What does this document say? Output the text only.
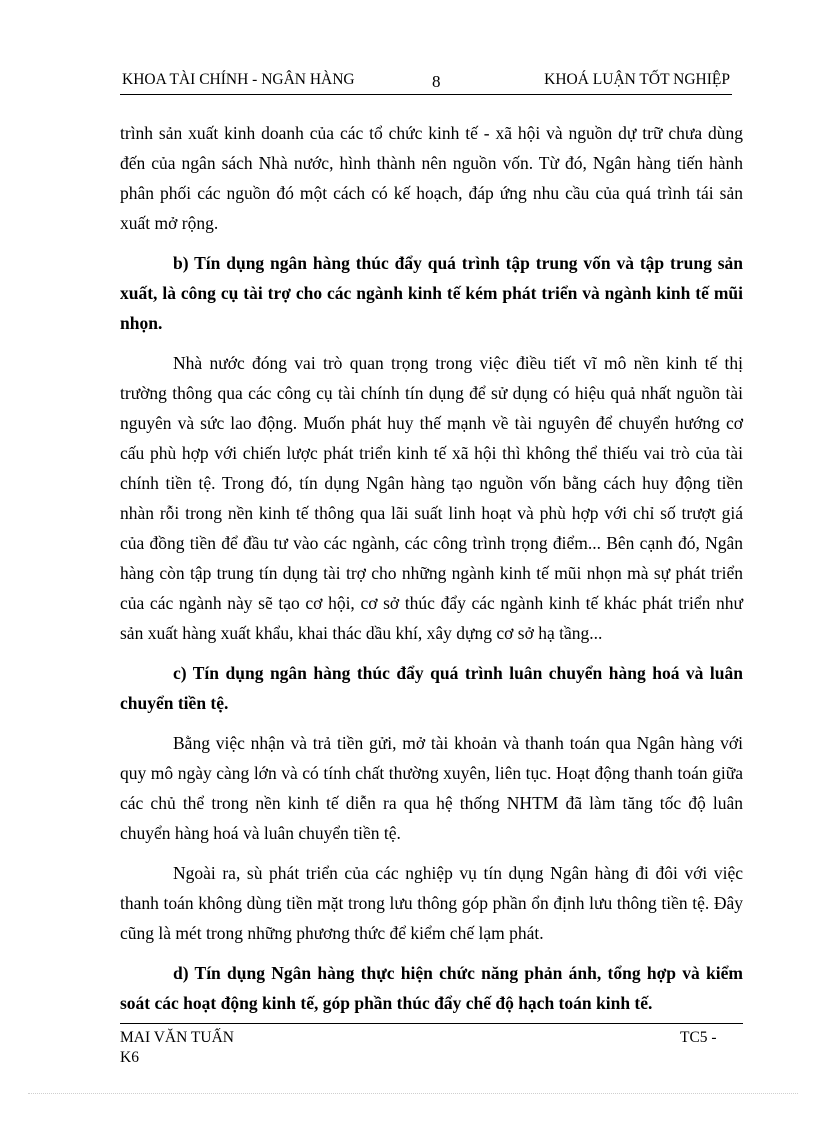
KHOA TÀI CHÍNH - NGÂN HÀNG	8	KHOÁ LUẬN TỐT NGHIỆP

trình sản xuất kinh doanh của các tổ chức kinh tế - xã hội và nguồn dự trữ chưa dùng đến của ngân sách Nhà nước, hình thành nên nguồn vốn. Từ đó, Ngân hàng tiến hành phân phối các nguồn đó một cách có kế hoạch, đáp ứng nhu cầu của quá trình tái sản xuất mở rộng.

b) Tín dụng ngân hàng thúc đẩy quá trình tập trung vốn và tập trung sản xuất, là công cụ tài trợ cho các ngành kinh tế kém phát triển và ngành kinh tế mũi nhọn.

Nhà nước đóng vai trò quan trọng trong việc điều tiết vĩ mô nền kinh tế thị trường thông qua các công cụ tài chính tín dụng để sử dụng có hiệu quả nhất nguồn tài nguyên và sức lao động. Muốn phát huy thế mạnh về tài nguyên để chuyển hướng cơ cấu phù hợp với chiến lược phát triển kinh tế xã hội thì không thể thiếu vai trò của tài chính tiền tệ. Trong đó, tín dụng Ngân hàng tạo nguồn vốn bằng cách huy động tiền nhàn rỗi trong nền kinh tế thông qua lãi suất linh hoạt và phù hợp với chỉ số trượt giá của đồng tiền để đầu tư vào các ngành, các công trình trọng điểm... Bên cạnh đó, Ngân hàng còn tập trung tín dụng tài trợ cho những ngành kinh tế mũi nhọn mà sự phát triển của các ngành này sẽ tạo cơ hội, cơ sở thúc đẩy các ngành kinh tế khác phát triển như sản xuất hàng xuất khẩu, khai thác dầu khí, xây dựng cơ sở hạ tầng...

c) Tín dụng ngân hàng thúc đẩy quá trình luân chuyển hàng hoá và luân chuyển tiền tệ.

Bằng việc nhận và trả tiền gửi, mở tài khoản và thanh toán qua Ngân hàng với quy mô ngày càng lớn và có tính chất thường xuyên, liên tục. Hoạt động thanh toán giữa các chủ thể trong nền kinh tế diễn ra qua hệ thống NHTM đã làm tăng tốc độ luân chuyển hàng hoá và luân chuyển tiền tệ.

Ngoài ra, sù phát triển của các nghiệp vụ tín dụng Ngân hàng đi đôi với việc thanh toán không dùng tiền mặt trong lưu thông góp phần ổn định lưu thông tiền tệ. Đây cũng là mét trong những phương thức để kiểm chế lạm phát.

d) Tín dụng Ngân hàng thực hiện chức năng phản ánh, tổng hợp và kiểm soát các hoạt động kinh tế, góp phần thúc đẩy chế độ hạch toán kinh tế.

MAI VĂN TUẤN	TC5 -
K6
